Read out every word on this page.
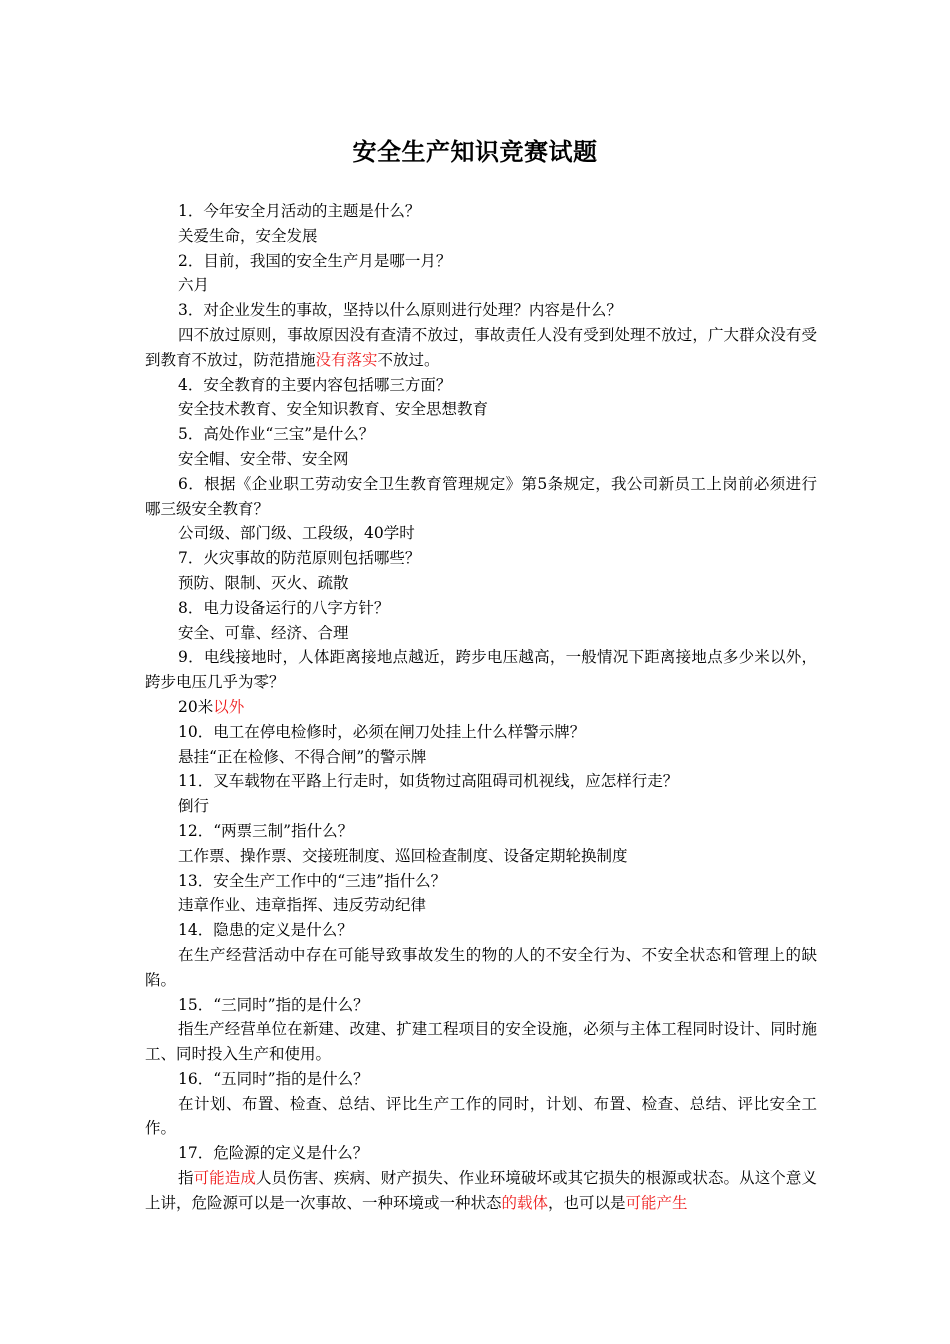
安全生产知识竞赛试题

1．今年安全月活动的主题是什么？

关爱生命，安全发展

2．目前，我国的安全生产月是哪一月？

六月

3．对企业发生的事故，坚持以什么原则进行处理？内容是什么？

四不放过原则，事故原因没有查清不放过，事故责任人没有受到处理不放过，广大群众没有受到教育不放过，防范措施没有落实不放过。

4．安全教育的主要内容包括哪三方面？

安全技术教育、安全知识教育、安全思想教育

5．高处作业“三宝”是什么？

安全帽、安全带、安全网

6．根据《企业职工劳动安全卫生教育管理规定》第5条规定，我公司新员工上岗前必须进行哪三级安全教育？

公司级、部门级、工段级，40学时

7．火灾事故的防范原则包括哪些？

预防、限制、灭火、疏散

8．电力设备运行的八字方针？

安全、可靠、经济、合理

9．电线接地时，人体距离接地点越近，跨步电压越高，一般情况下距离接地点多少米以外，跨步电压几乎为零？

20米以外

10．电工在停电检修时，必须在闸刀处挂上什么样警示牌？

悬挂“正在检修、不得合闸”的警示牌

11．叉车载物在平路上行走时，如货物过高阻碍司机视线，应怎样行走？

倒行

12．“两票三制”指什么？

工作票、操作票、交接班制度、巡回检查制度、设备定期轮换制度

13．安全生产工作中的“三违”指什么？

违章作业、违章指挥、违反劳动纪律

14．隐患的定义是什么？

在生产经营活动中存在可能导致事故发生的物的人的不安全行为、不安全状态和管理上的缺陷。

15．“三同时”指的是什么？

指生产经营单位在新建、改建、扩建工程项目的安全设施，必须与主体工程同时设计、同时施工、同时投入生产和使用。

16．“五同时”指的是什么？

在计划、布置、检查、总结、评比生产工作的同时，计划、布置、检查、总结、评比安全工作。

17．危险源的定义是什么？

指可能造成人员伤害、疾病、财产损失、作业环境破坏或其它损失的根源或状态。从这个意义上讲，危险源可以是一次事故、一种环境或一种状态的载体，也可以是可能产生
